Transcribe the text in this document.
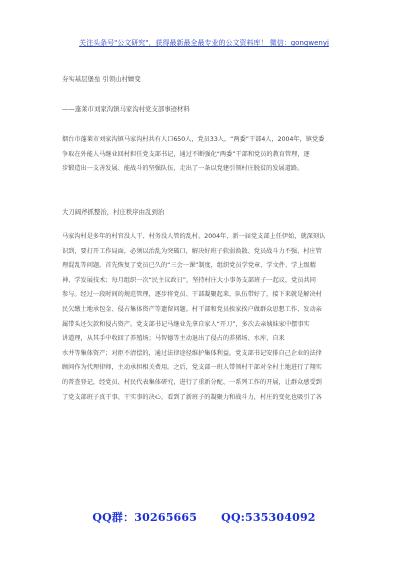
关注头条号"公文研究"，获得最新最全最专业的公文资料库！ 微信：gongwenyj
夯实基层堡垒 引领山村嬗变
——蓬莱市刘家沟镇马家沟村党支部事迹材料
烟台市蓬莱市刘家沟镇马家沟村共有人口650人，党员33人，“两委”干部4人，2004年，镇党委
争取在外能人马继业回村担任党支部书记，通过不断强化“两委”干部和党员的教育管理，逐
步锻造出一支善发展、能战斗的坚强队伍，走出了一条以党建引领村庄脱贫的发展道路。
大刀阔斧抓整治，村庄秩序由乱到治
马家沟村是多年的村官没人干、村务没人管的乱村。2004年，新一届党支部上任伊始，就深刻认
识到，要打开工作局面，必须以治乱为突破口，解决好班子软弱涣散、党员战斗力不强、村庄管
理混乱等问题。首先恢复了党员已久的“三会一课”制度，组织党员学党章、学文件、学上级精
神、学发展技术；每月组织一次“民主议政日”，坚持村庄大小事务支部班子一起议，党员共同
参与。经过一段时间的规范管理，逐步将党员、干部凝聚起来，队伍带好了，接下来就是解决村
民欠缴土地承包金、侵占集体资产等遗留问题。村干部和党员挨家挨户做群众思想工作，发动亲
属带头还欠款和侵占资产。党支部书记马继业先拿自家人“开刀”，多次去亲姨妹家中摆事实
讲道理，从其手中收回了养殖场；马智德等主动退出了侵占的养猪场、水库、自来
水井等集体资产；对拒不清偿的，通过法律途径维护集体利益。党支部书记安排自己企业的法律
顾问作为代理律师，主动承担相关费用。之后，党支部一班人带领村干部对全村土地进行了翔实
的普查登记，经党员、村民代表集体研究，进行了重新分配、一系列工作的开展，让群众感受到
了党支部班子真干事、干实事的决心，看到了新班子的凝聚力和战斗力，村庄的变化也吸引了各
QQ群：30265665 QQ:535304092
